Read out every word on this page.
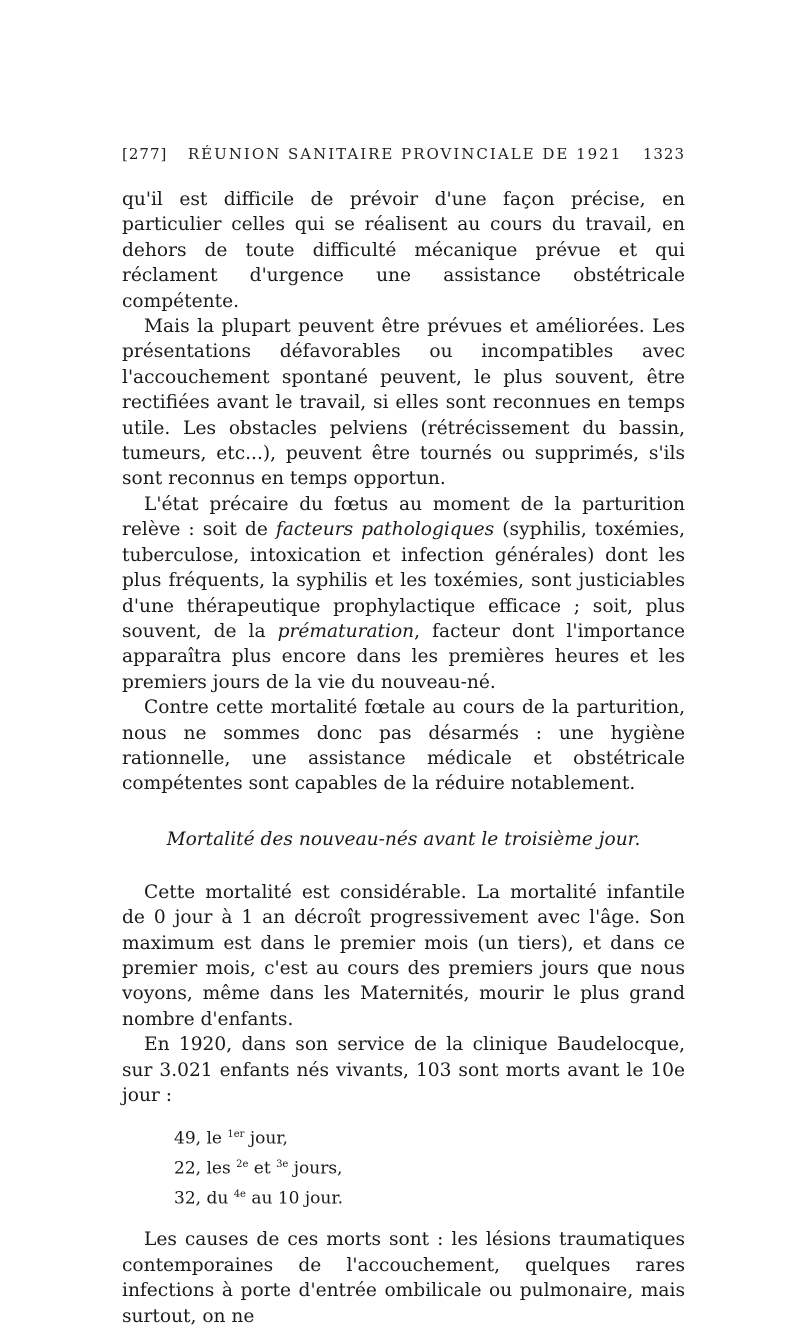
[277] RÉUNION SANITAIRE PROVINCIALE DE 1921 1323

qu'il est difficile de prévoir d'une façon précise, en particulier celles qui se réalisent au cours du travail, en dehors de toute difficulté mécanique prévue et qui réclament d'urgence une assistance obstétricale compétente.

Mais la plupart peuvent être prévues et améliorées. Les présentations défavorables ou incompatibles avec l'accouchement spontané peuvent, le plus souvent, être rectifiées avant le travail, si elles sont reconnues en temps utile. Les obstacles pelviens (rétrécissement du bassin, tumeurs, etc...), peuvent être tournés ou supprimés, s'ils sont reconnus en temps opportun.

L'état précaire du fœtus au moment de la parturition relève : soit de facteurs pathologiques (syphilis, toxémies, tuberculose, intoxication et infection générales) dont les plus fréquents, la syphilis et les toxémies, sont justiciables d'une thérapeutique prophylactique efficace ; soit, plus souvent, de la prématuration, facteur dont l'importance apparaîtra plus encore dans les premières heures et les premiers jours de la vie du nouveau-né.

Contre cette mortalité fœtale au cours de la parturition, nous ne sommes donc pas désarmés : une hygiène rationnelle, une assistance médicale et obstétricale compétentes sont capables de la réduire notablement.

Mortalité des nouveau-nés avant le troisième jour.

Cette mortalité est considérable. La mortalité infantile de 0 jour à 1 an décroît progressivement avec l'âge. Son maximum est dans le premier mois (un tiers), et dans ce premier mois, c'est au cours des premiers jours que nous voyons, même dans les Maternités, mourir le plus grand nombre d'enfants.

En 1920, dans son service de la clinique Baudelocque, sur 3.021 enfants nés vivants, 103 sont morts avant le 10e jour :

49, le $^{1er}$ jour,
22, les $^{2e}$ et $^{3e}$ jours,
32, du $^{4e}$ au 10 jour.

Les causes de ces morts sont : les lésions traumatiques contemporaines de l'accouchement, quelques rares infections à porte d'entrée ombilicale ou pulmonaire, mais surtout, on ne
